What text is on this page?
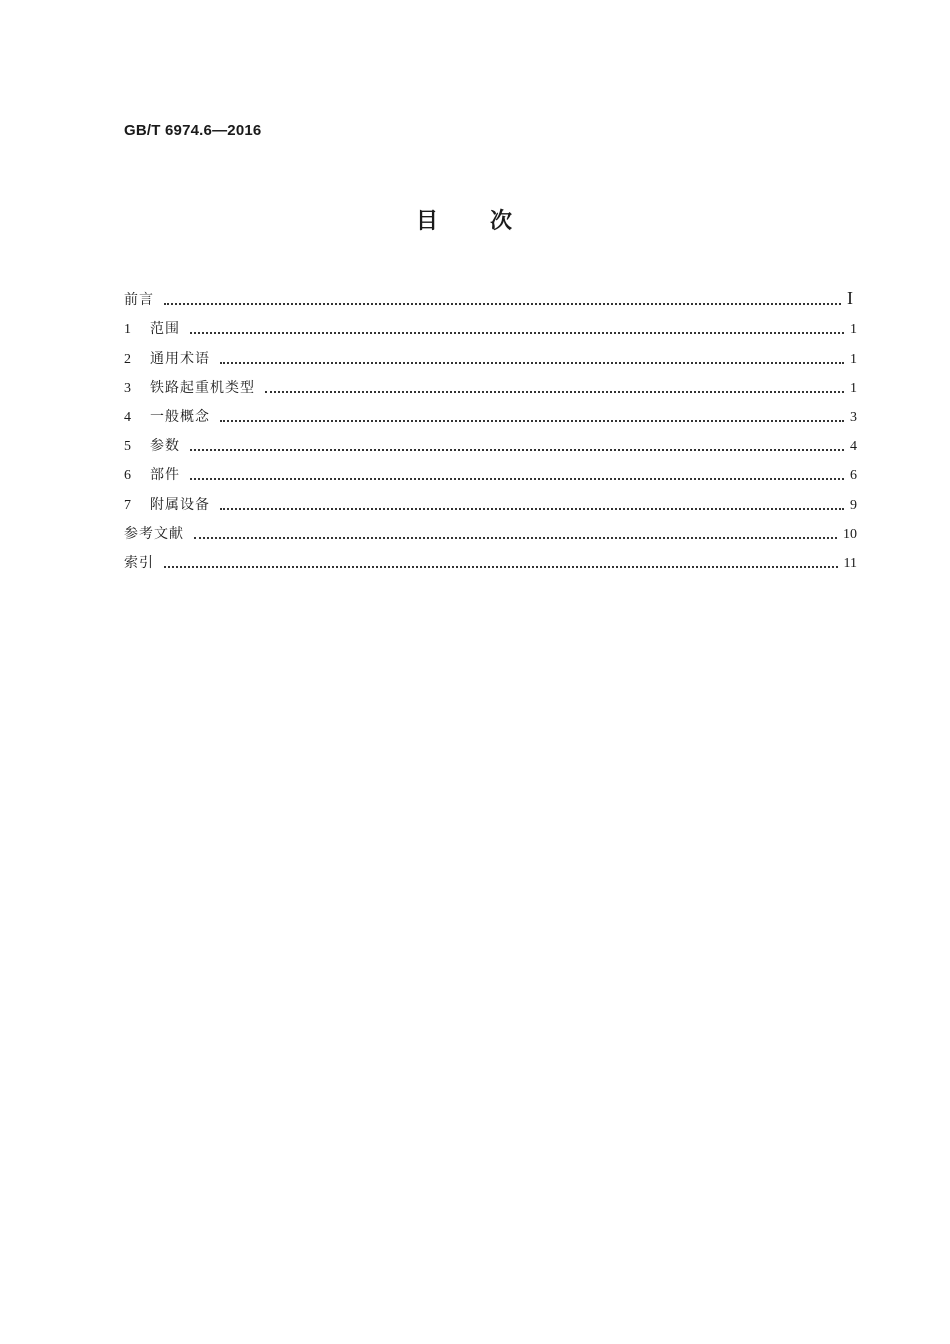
GB/T 6974.6—2016
目次
前言	I
1	范围	1
2	通用术语	1
3	铁路起重机类型	1
4	一般概念	3
5	参数	4
6	部件	6
7	附属设备	9
参考文献	10
索引	11
